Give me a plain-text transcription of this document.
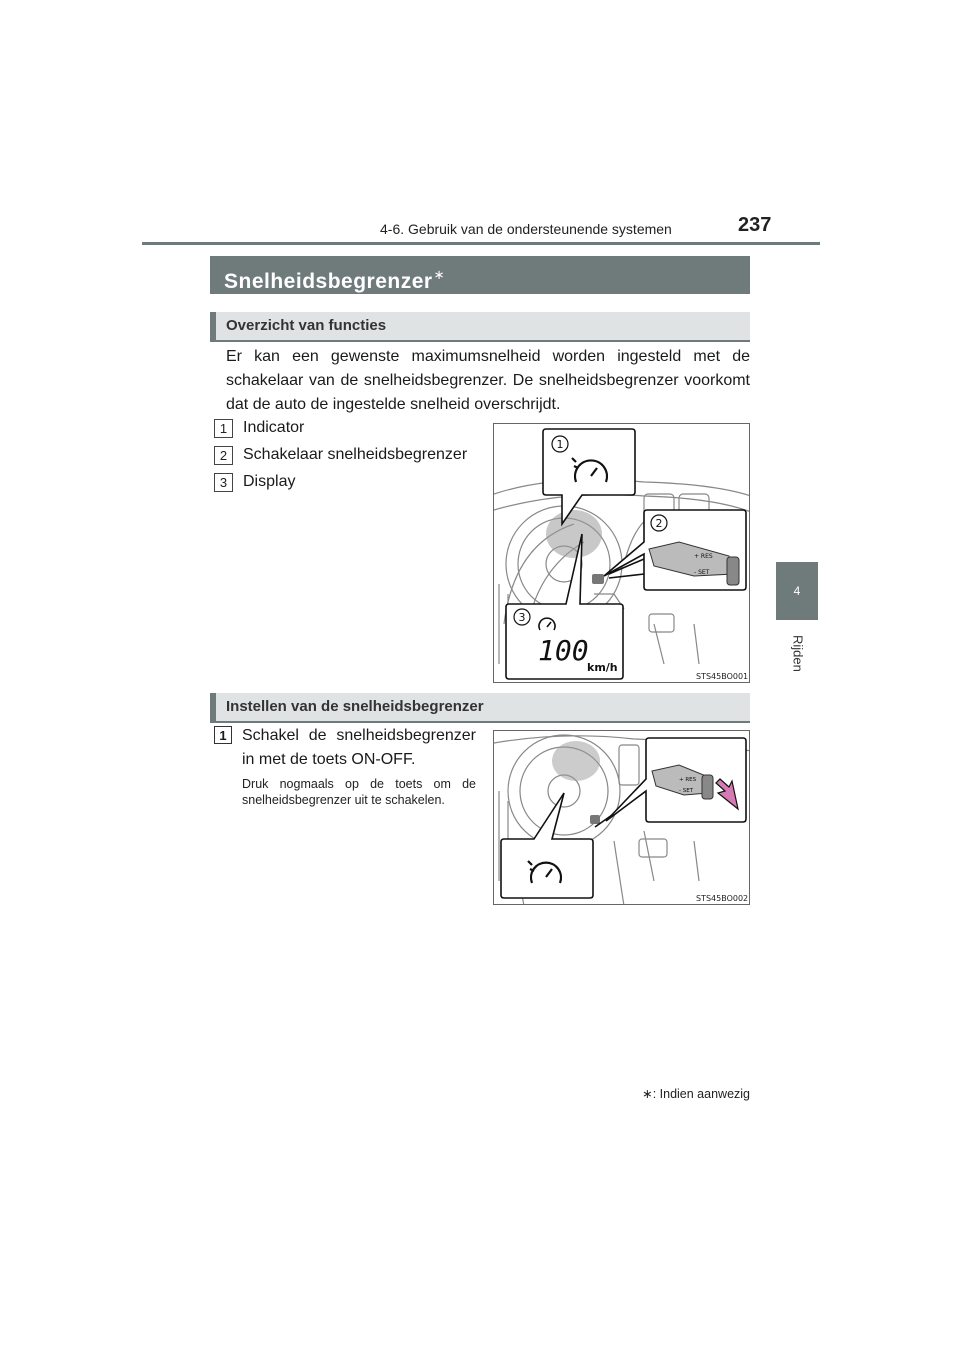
4-6. Gebruik van de ondersteunende systemen	237
4
Rijden
Snelheidsbegrenzer∗
Overzicht van functies
Er kan een gewenste maximumsnelheid worden ingesteld met de schakelaar van de snelheidsbegrenzer. De snelheidsbegrenzer voorkomt dat de auto de ingestelde snelheid overschrijdt.
1 Indicator
2 Schakelaar snelheidsbegrenzer
3 Display
1
2
+ RES
- SET
3
100
km/h
STS45BO001
Instellen van de snelheidsbegrenzer
1 Schakel de snelheidsbegrenzer in met de toets ON-OFF.
Druk nogmaals op de toets om de snelheidsbegrenzer uit te schakelen.
+ RES
- SET
STS45BO002
∗: Indien aanwezig
